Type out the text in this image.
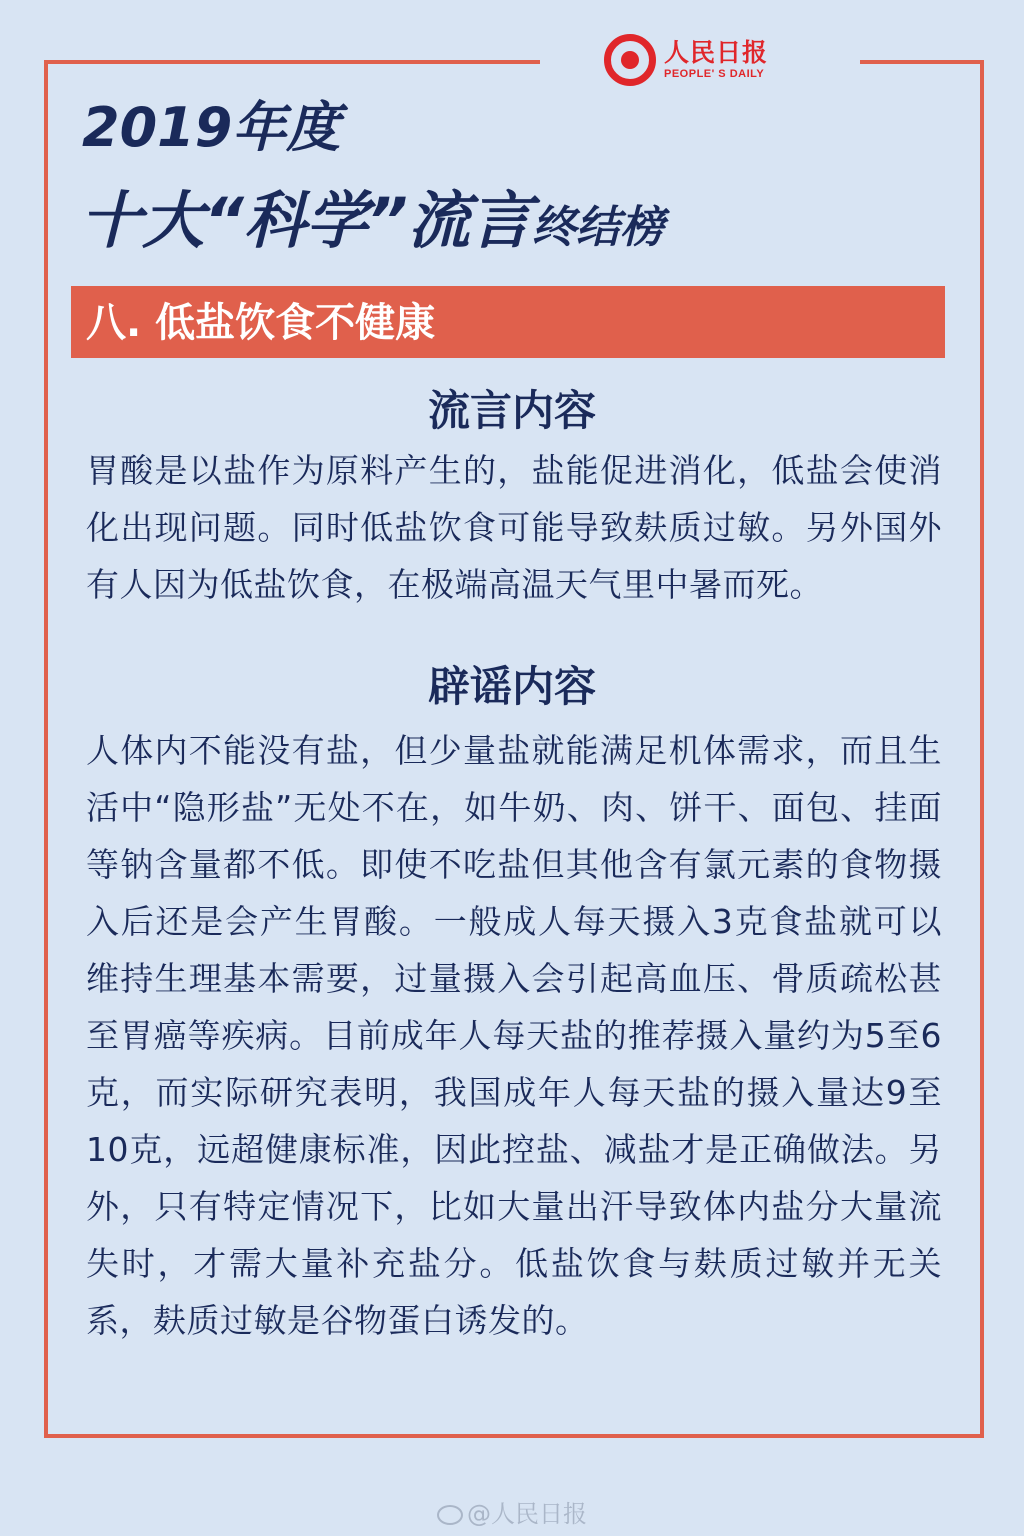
人民日报
PEOPLE' S DAILY
2019年度
十大“科学”流言终结榜
八. 低盐饮食不健康
流言内容
胃酸是以盐作为原料产生的，盐能促进消化，低盐会使消化出现问题。同时低盐饮食可能导致麸质过敏。另外国外有人因为低盐饮食，在极端高温天气里中暑而死。
辟谣内容
人体内不能没有盐，但少量盐就能满足机体需求，而且生活中“隐形盐”无处不在，如牛奶、肉、饼干、面包、挂面等钠含量都不低。即使不吃盐但其他含有氯元素的食物摄入后还是会产生胃酸。一般成人每天摄入3克食盐就可以维持生理基本需要，过量摄入会引起高血压、骨质疏松甚至胃癌等疾病。目前成年人每天盐的推荐摄入量约为5至6克，而实际研究表明，我国成年人每天盐的摄入量达9至10克，远超健康标准，因此控盐、减盐才是正确做法。另外，只有特定情况下，比如大量出汗导致体内盐分大量流失时，才需大量补充盐分。低盐饮食与麸质过敏并无关系，麸质过敏是谷物蛋白诱发的。
@人民日报
